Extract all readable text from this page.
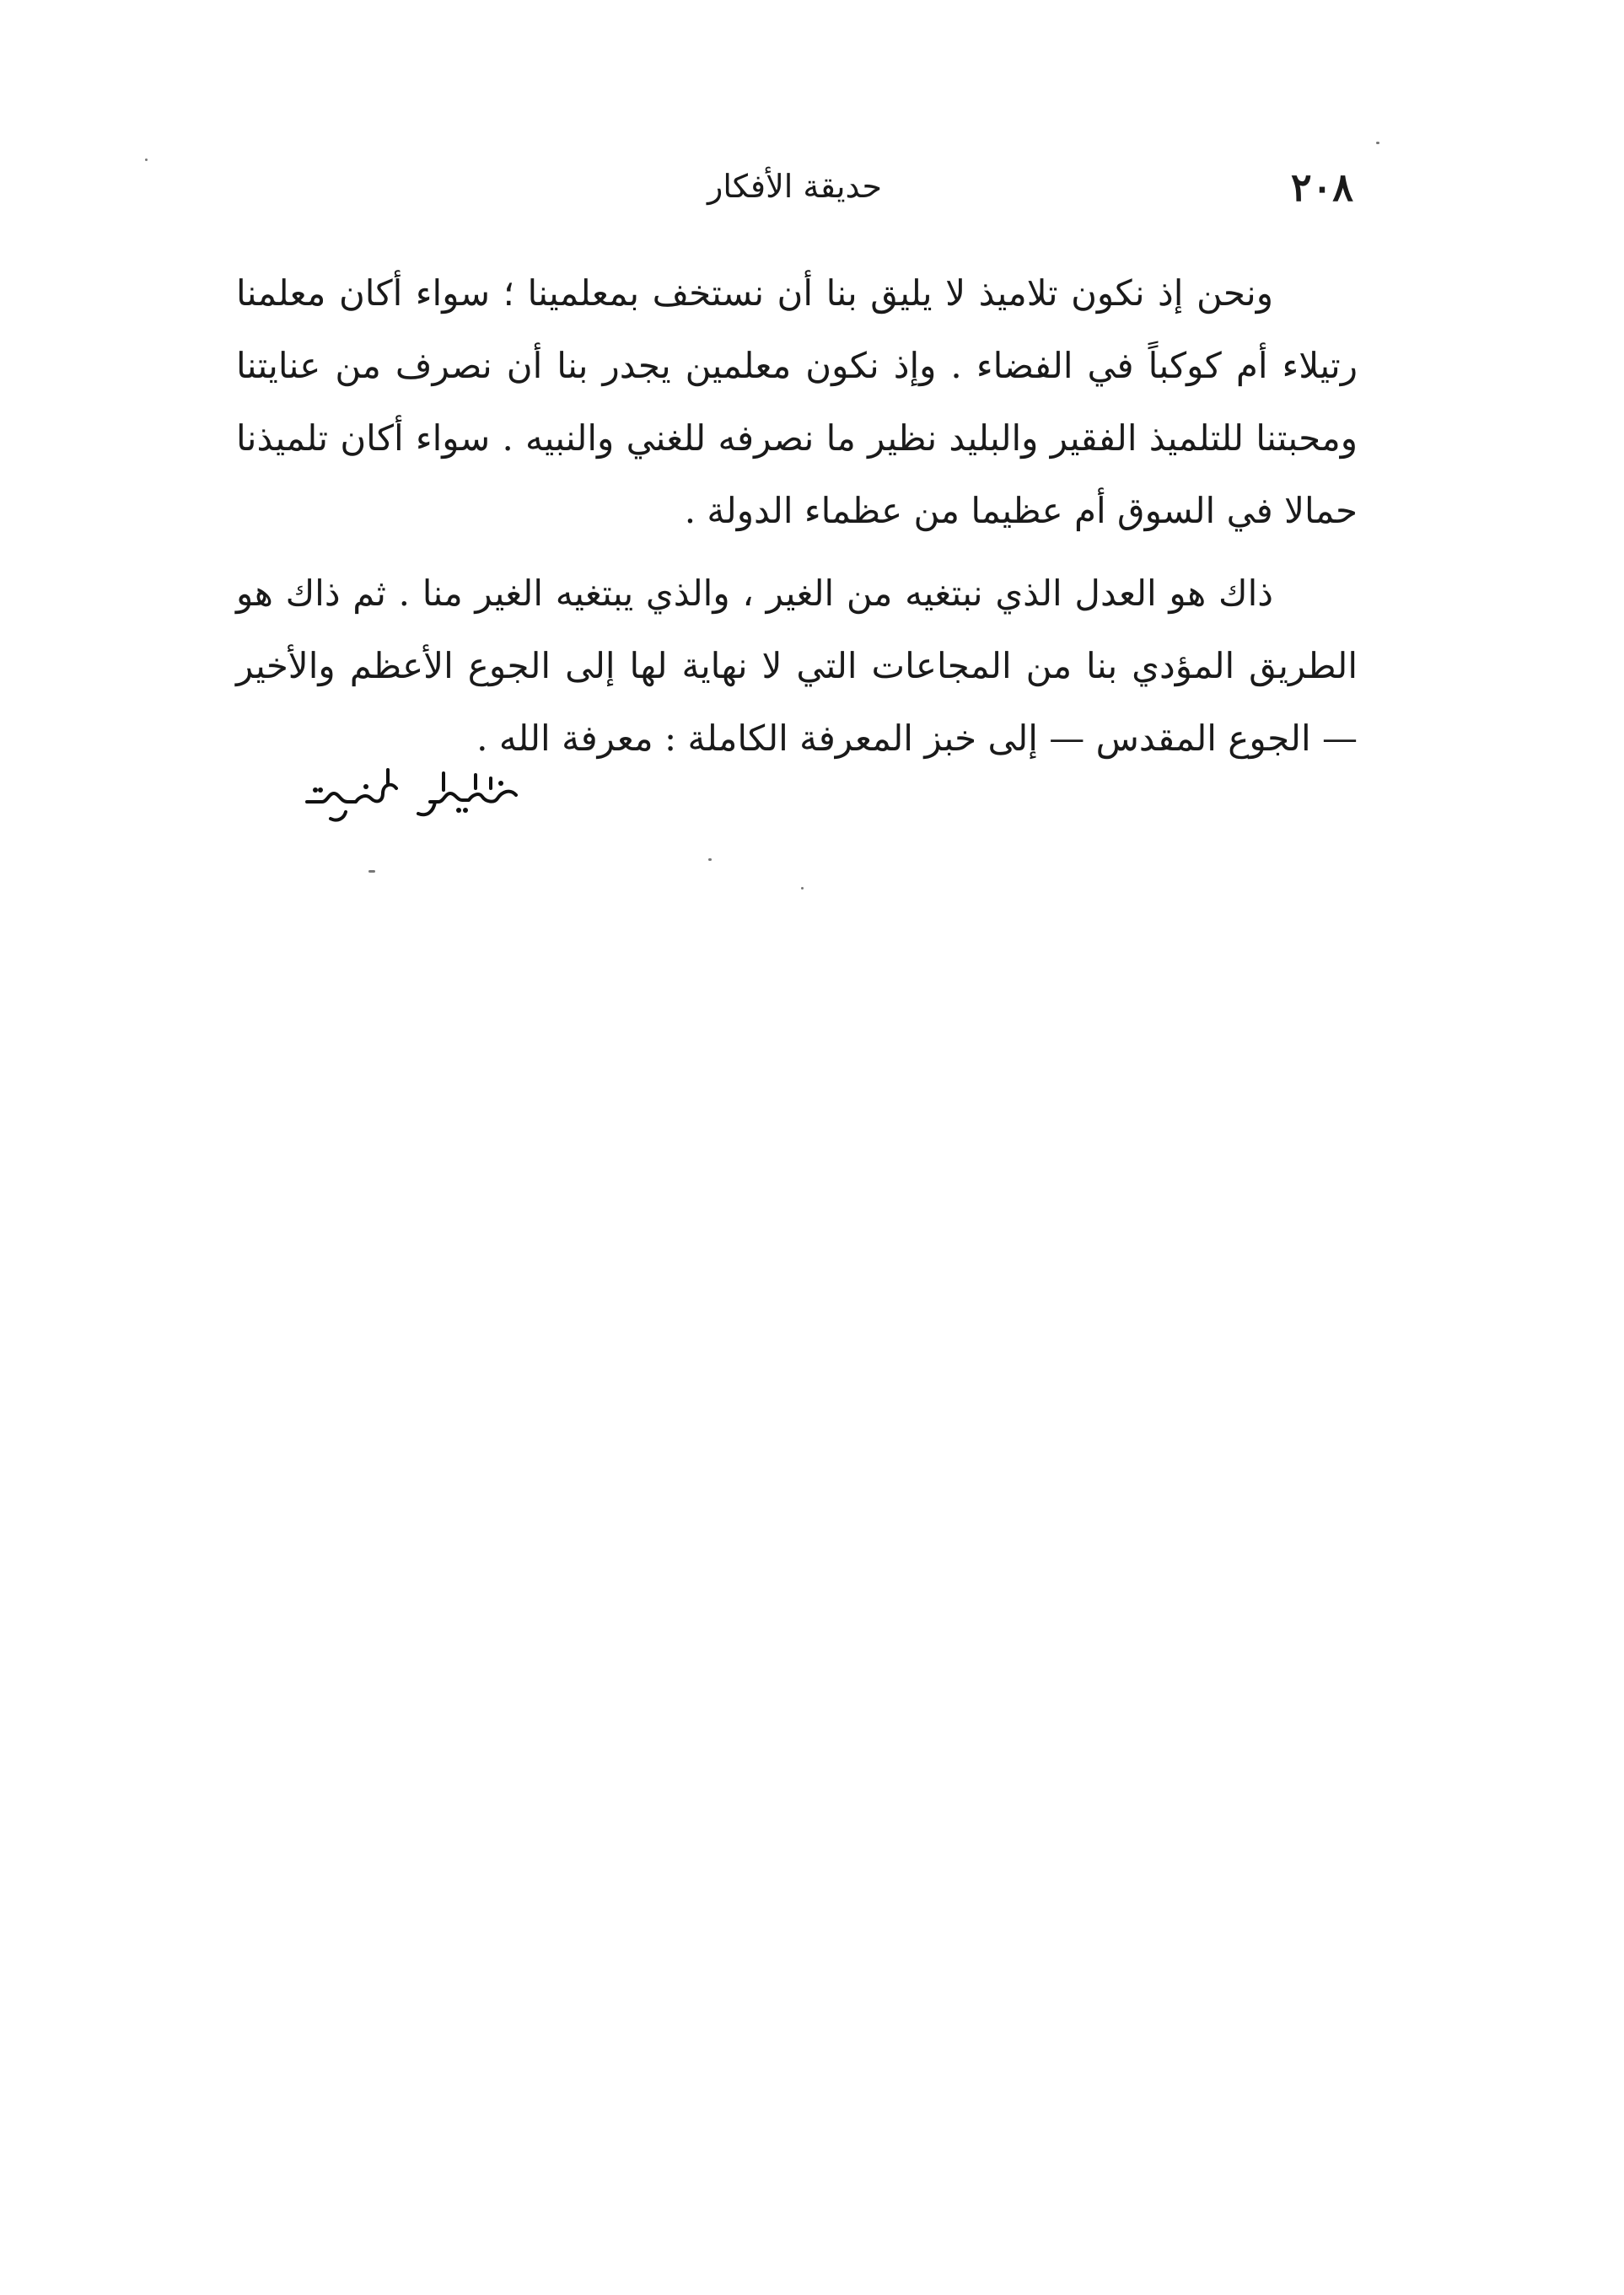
٢٠٨
حديقة الأفكار

ونحن إذ نكون تلاميذ لا يليق بنا أن نستخف بمعلمينا ؛ سواء أكان معلمنا رتيلاء أم كوكباً في الفضاء . وإذ نكون معلمين يجدر بنا أن نصرف من عنايتنا ومحبتنا للتلميذ الفقير والبليد نظير ما نصرفه للغني والنبيه . سواء أكان تلميذنا حمالا في السوق أم عظيما من عظماء الدولة .

ذاك هو العدل الذي نبتغيه من الغير ، والذي يبتغيه الغير منا . ثم ذاك هو الطريق المؤدي بنا من المجاعات التي لا نهاية لها إلى الجوع الأعظم والأخير — الجوع المقدس — إلى خبز المعرفة الكاملة : معرفة الله .
